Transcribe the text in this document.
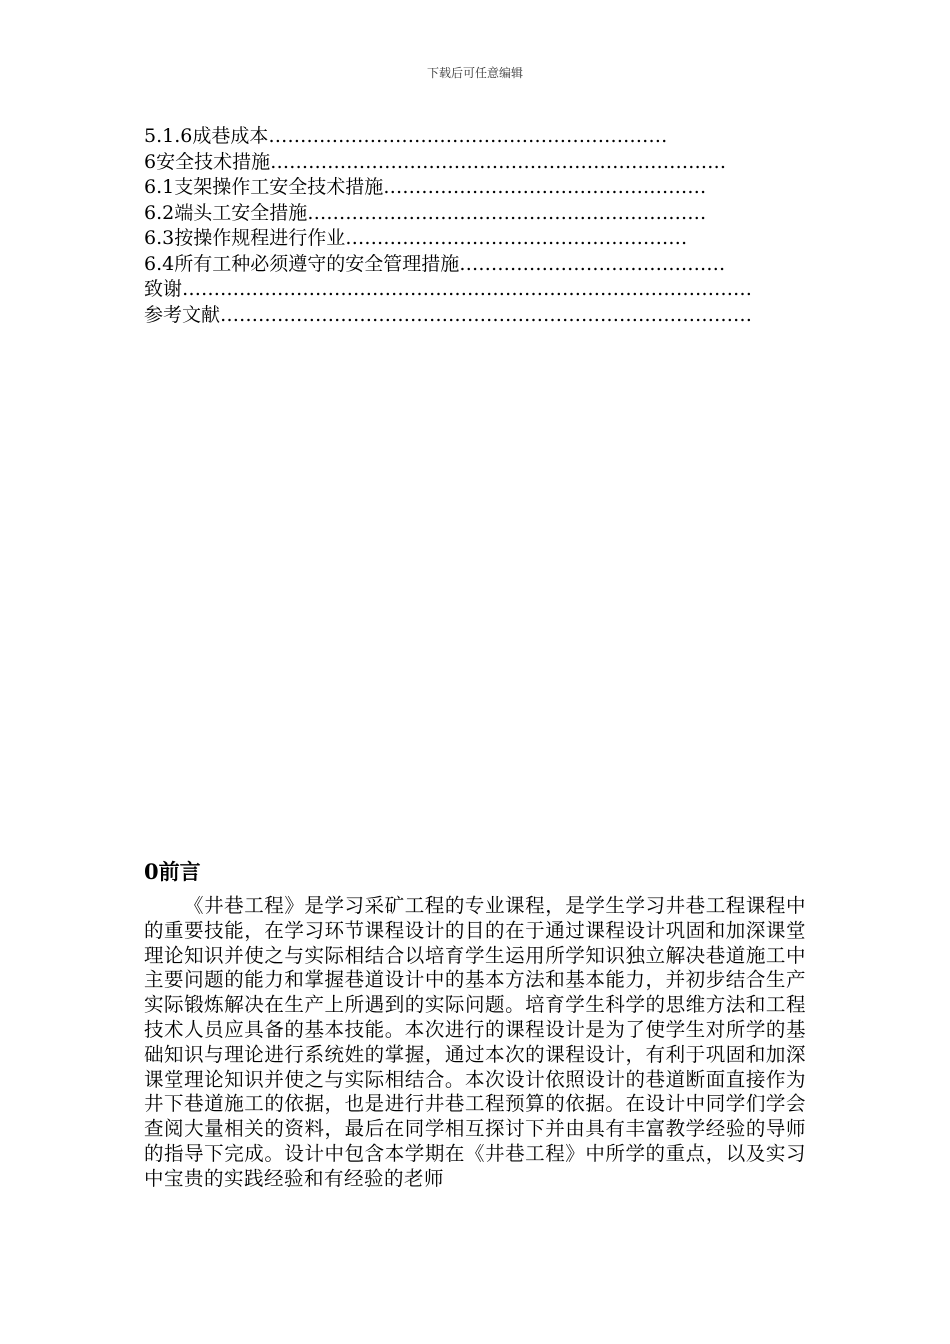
下载后可任意编辑
5.1.6成巷成本………………………………………………………
6安全技术措施………………………………………………………………
6.1支架操作工安全技术措施……………………………………………
6.2端头工安全措施………………………………………………………
6.3按操作规程进行作业………………………………………………
6.4所有工种必须遵守的安全管理措施……………………………………
致谢………………………………………………………………………………
参考文献…………………………………………………………………………
0前言

《井巷工程》是学习采矿工程的专业课程，是学生学习井巷工程课程中的重要技能，在学习环节课程设计的目的在于通过课程设计巩固和加深课堂理论知识并使之与实际相结合以培育学生运用所学知识独立解决巷道施工中主要问题的能力和掌握巷道设计中的基本方法和基本能力，并初步结合生产实际锻炼解决在生产上所遇到的实际问题。培育学生科学的思维方法和工程技术人员应具备的基本技能。本次进行的课程设计是为了使学生对所学的基础知识与理论进行系统姓的掌握，通过本次的课程设计，有利于巩固和加深课堂理论知识并使之与实际相结合。本次设计依照设计的巷道断面直接作为井下巷道施工的依据，也是进行井巷工程预算的依据。在设计中同学们学会查阅大量相关的资料，最后在同学相互探讨下并由具有丰富教学经验的导师的指导下完成。设计中包含本学期在《井巷工程》中所学的重点，以及实习中宝贵的实践经验和有经验的老师
